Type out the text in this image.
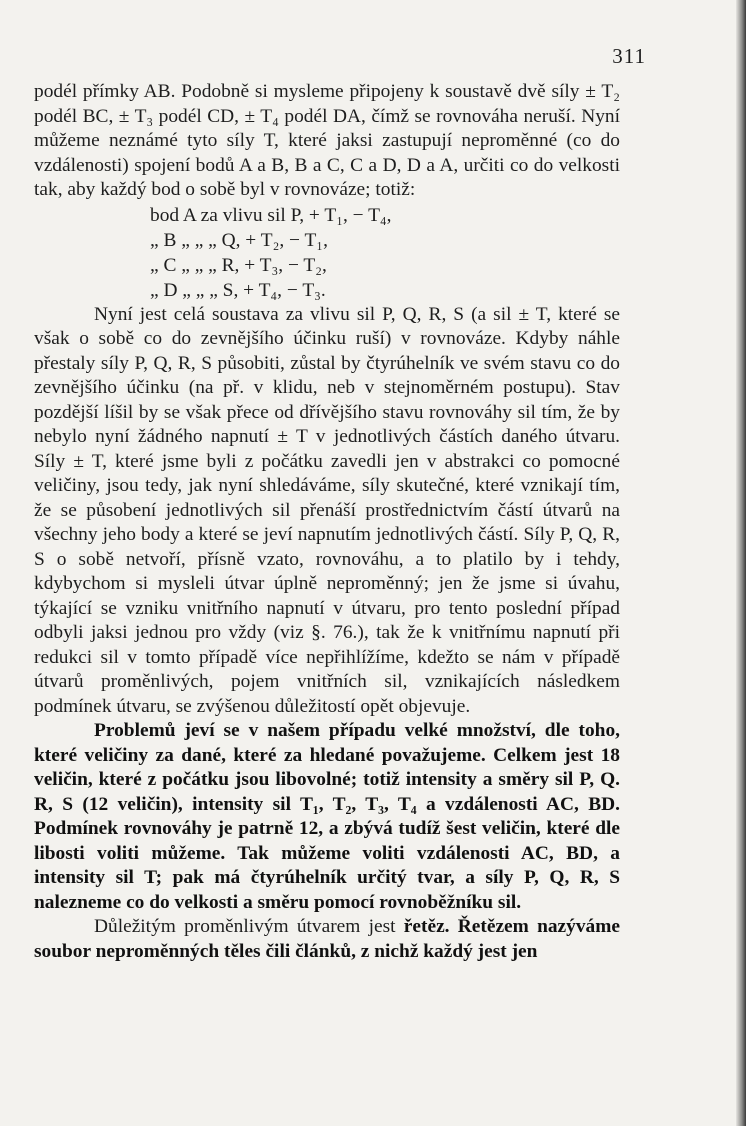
311

podél přímky AB. Podobně si mysleme připojeny k soustavě dvě síly ± T₂ podél BC, ± T₃ podél CD, ± T₄ podél DA, čímž se rovnováha neruší. Nyní můžeme neznámé tyto síly T, které jaksi zastupují neproměnné (co do vzdálenosti) spojení bodů A a B, B a C, C a D, D a A, určiti co do velkosti tak, aby každý bod o sobě byl v rovnováze; totiž:

bod A za vlivu sil P, + T₁, − T₄,
„ B „ „ „ Q, + T₂, − T₁,
„ C „ „ „ R, + T₃, − T₂,
„ D „ „ „ S, + T₄, − T₃.

Nyní jest celá soustava za vlivu sil P, Q, R, S (a sil ± T, které se však o sobě co do zevnějšího účinku ruší) v rovnováze. Kdyby náhle přestaly síly P, Q, R, S působiti, zůstal by čtyrúhelník ve svém stavu co do zevnějšího účinku (na př. v klidu, neb v stejnoměrném postupu). Stav pozdější líšil by se však přece od dřívějšího stavu rovnováhy sil tím, že by nebylo nyní žádného napnutí ± T v jednotlivých částích daného útvaru. Síly ± T, které jsme byli z počátku zavedli jen v abstrakci co pomocné veličiny, jsou tedy, jak nyní shledáváme, síly skutečné, které vznikají tím, že se působení jednotlivých sil přenáší prostřednictvím částí útvarů na všechny jeho body a které se jeví napnutím jednotlivých částí. Síly P, Q, R, S o sobě netvoří, přísně vzato, rovnováhu, a to platilo by i tehdy, kdybychom si mysleli útvar úplně neproměnný; jen že jsme si úvahu, týkající se vzniku vnitřního napnutí v útvaru, pro tento poslední případ odbyli jaksi jednou pro vždy (viz §. 76.), tak že k vnitřnímu napnutí při redukci sil v tomto případě více nepřihlížíme, kdežto se nám v případě útvarů proměnlivých, pojem vnitřních sil, vznikajících následkem podmínek útvaru, se zvýšenou důležitostí opět objevuje.

Problemů jeví se v našem případu velké množství, dle toho, které veličiny za dané, které za hledané považujeme. Celkem jest 18 veličin, které z počátku jsou libovolné; totiž intensity a směry sil P, Q. R, S (12 veličin), intensity sil T₁, T₂, T₃, T₄ a vzdálenosti AC, BD. Podmínek rovnováhy je patrně 12, a zbývá tudíž šest veličin, které dle libosti voliti můžeme. Tak můžeme voliti vzdálenosti AC, BD, a intensity sil T; pak má čtyrúhelník určitý tvar, a síly P, Q, R, S nalezneme co do velkosti a směru pomocí rovnoběžníku sil.

Důležitým proměnlivým útvarem jest řetěz. Řetězem nazýváme soubor neproměnných těles čili článků, z nichž každý jest jen
